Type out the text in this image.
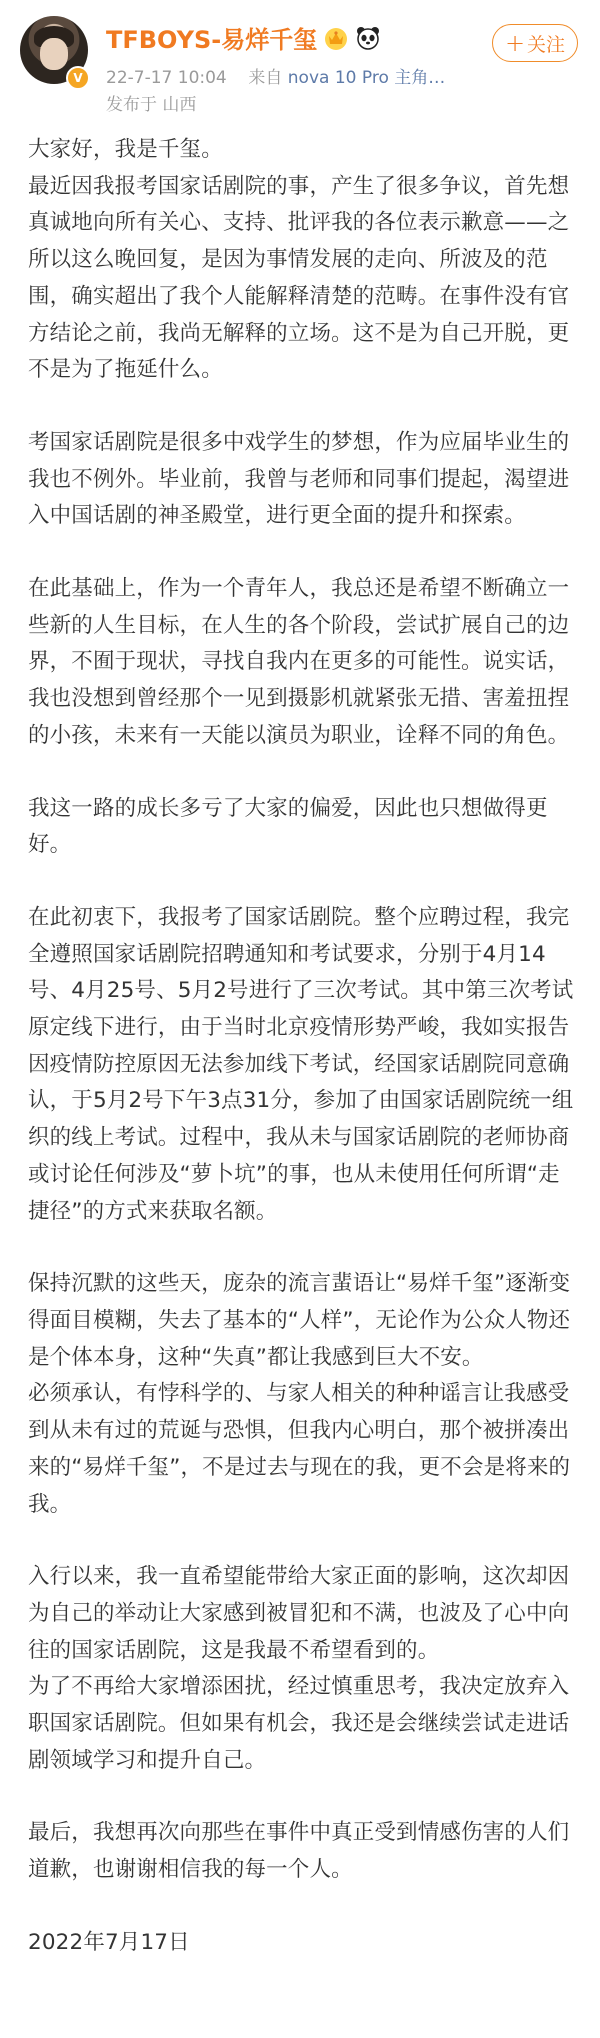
V
TFBOYS-易烊千玺
22-7-17 10:04 来自 nova 10 Pro 主角…
发布于 山西
+ 关注

大家好，我是千玺。
最近因我报考国家话剧院的事，产生了很多争议，首先想真诚地向所有关心、支持、批评我的各位表示歉意——之所以这么晚回复，是因为事情发展的走向、所波及的范围，确实超出了我个人能解释清楚的范畴。在事件没有官方结论之前，我尚无解释的立场。这不是为自己开脱，更不是为了拖延什么。

考国家话剧院是很多中戏学生的梦想，作为应届毕业生的我也不例外。毕业前，我曾与老师和同事们提起，渴望进入中国话剧的神圣殿堂，进行更全面的提升和探索。

在此基础上，作为一个青年人，我总还是希望不断确立一些新的人生目标，在人生的各个阶段，尝试扩展自己的边界，不囿于现状，寻找自我内在更多的可能性。说实话，我也没想到曾经那个一见到摄影机就紧张无措、害羞扭捏的小孩，未来有一天能以演员为职业，诠释不同的角色。

我这一路的成长多亏了大家的偏爱，因此也只想做得更好。

在此初衷下，我报考了国家话剧院。整个应聘过程，我完全遵照国家话剧院招聘通知和考试要求，分别于4月14号、4月25号、5月2号进行了三次考试。其中第三次考试原定线下进行，由于当时北京疫情形势严峻，我如实报告因疫情防控原因无法参加线下考试，经国家话剧院同意确认，于5月2号下午3点31分，参加了由国家话剧院统一组织的线上考试。过程中，我从未与国家话剧院的老师协商或讨论任何涉及“萝卜坑”的事，也从未使用任何所谓“走捷径”的方式来获取名额。

保持沉默的这些天，庞杂的流言蜚语让“易烊千玺”逐渐变得面目模糊，失去了基本的“人样”，无论作为公众人物还是个体本身，这种“失真”都让我感到巨大不安。
必须承认，有悖科学的、与家人相关的种种谣言让我感受到从未有过的荒诞与恐惧，但我内心明白，那个被拼凑出来的“易烊千玺”，不是过去与现在的我，更不会是将来的我。

入行以来，我一直希望能带给大家正面的影响，这次却因为自己的举动让大家感到被冒犯和不满，也波及了心中向往的国家话剧院，这是我最不希望看到的。
为了不再给大家增添困扰，经过慎重思考，我决定放弃入职国家话剧院。但如果有机会，我还是会继续尝试走进话剧领域学习和提升自己。

最后，我想再次向那些在事件中真正受到情感伤害的人们道歉，也谢谢相信我的每一个人。

2022年7月17日
